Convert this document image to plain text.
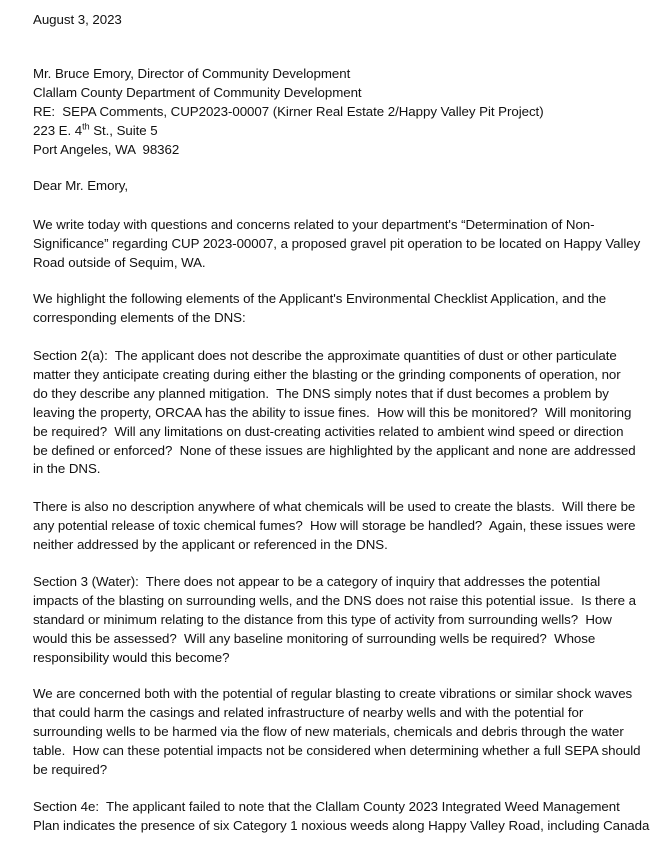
August 3, 2023
Mr. Bruce Emory, Director of Community Development
Clallam County Department of Community Development
RE:  SEPA Comments, CUP2023-00007 (Kirner Real Estate 2/Happy Valley Pit Project)
223 E. 4th St., Suite 5
Port Angeles, WA  98362
Dear Mr. Emory,
We write today with questions and concerns related to your department's “Determination of Non-
Significance” regarding CUP 2023-00007, a proposed gravel pit operation to be located on Happy Valley
Road outside of Sequim, WA.
We highlight the following elements of the Applicant's Environmental Checklist Application, and the
corresponding elements of the DNS:
Section 2(a):  The applicant does not describe the approximate quantities of dust or other particulate
matter they anticipate creating during either the blasting or the grinding components of operation, nor
do they describe any planned mitigation.  The DNS simply notes that if dust becomes a problem by
leaving the property, ORCAA has the ability to issue fines.  How will this be monitored?  Will monitoring
be required?  Will any limitations on dust-creating activities related to ambient wind speed or direction
be defined or enforced?  None of these issues are highlighted by the applicant and none are addressed
in the DNS.
There is also no description anywhere of what chemicals will be used to create the blasts.  Will there be
any potential release of toxic chemical fumes?  How will storage be handled?  Again, these issues were
neither addressed by the applicant or referenced in the DNS.
Section 3 (Water):  There does not appear to be a category of inquiry that addresses the potential
impacts of the blasting on surrounding wells, and the DNS does not raise this potential issue.  Is there a
standard or minimum relating to the distance from this type of activity from surrounding wells?  How
would this be assessed?  Will any baseline monitoring of surrounding wells be required?  Whose
responsibility would this become?
We are concerned both with the potential of regular blasting to create vibrations or similar shock waves
that could harm the casings and related infrastructure of nearby wells and with the potential for
surrounding wells to be harmed via the flow of new materials, chemicals and debris through the water
table.  How can these potential impacts not be considered when determining whether a full SEPA should
be required?
Section 4e:  The applicant failed to note that the Clallam County 2023 Integrated Weed Management
Plan indicates the presence of six Category 1 noxious weeds along Happy Valley Road, including Canada
